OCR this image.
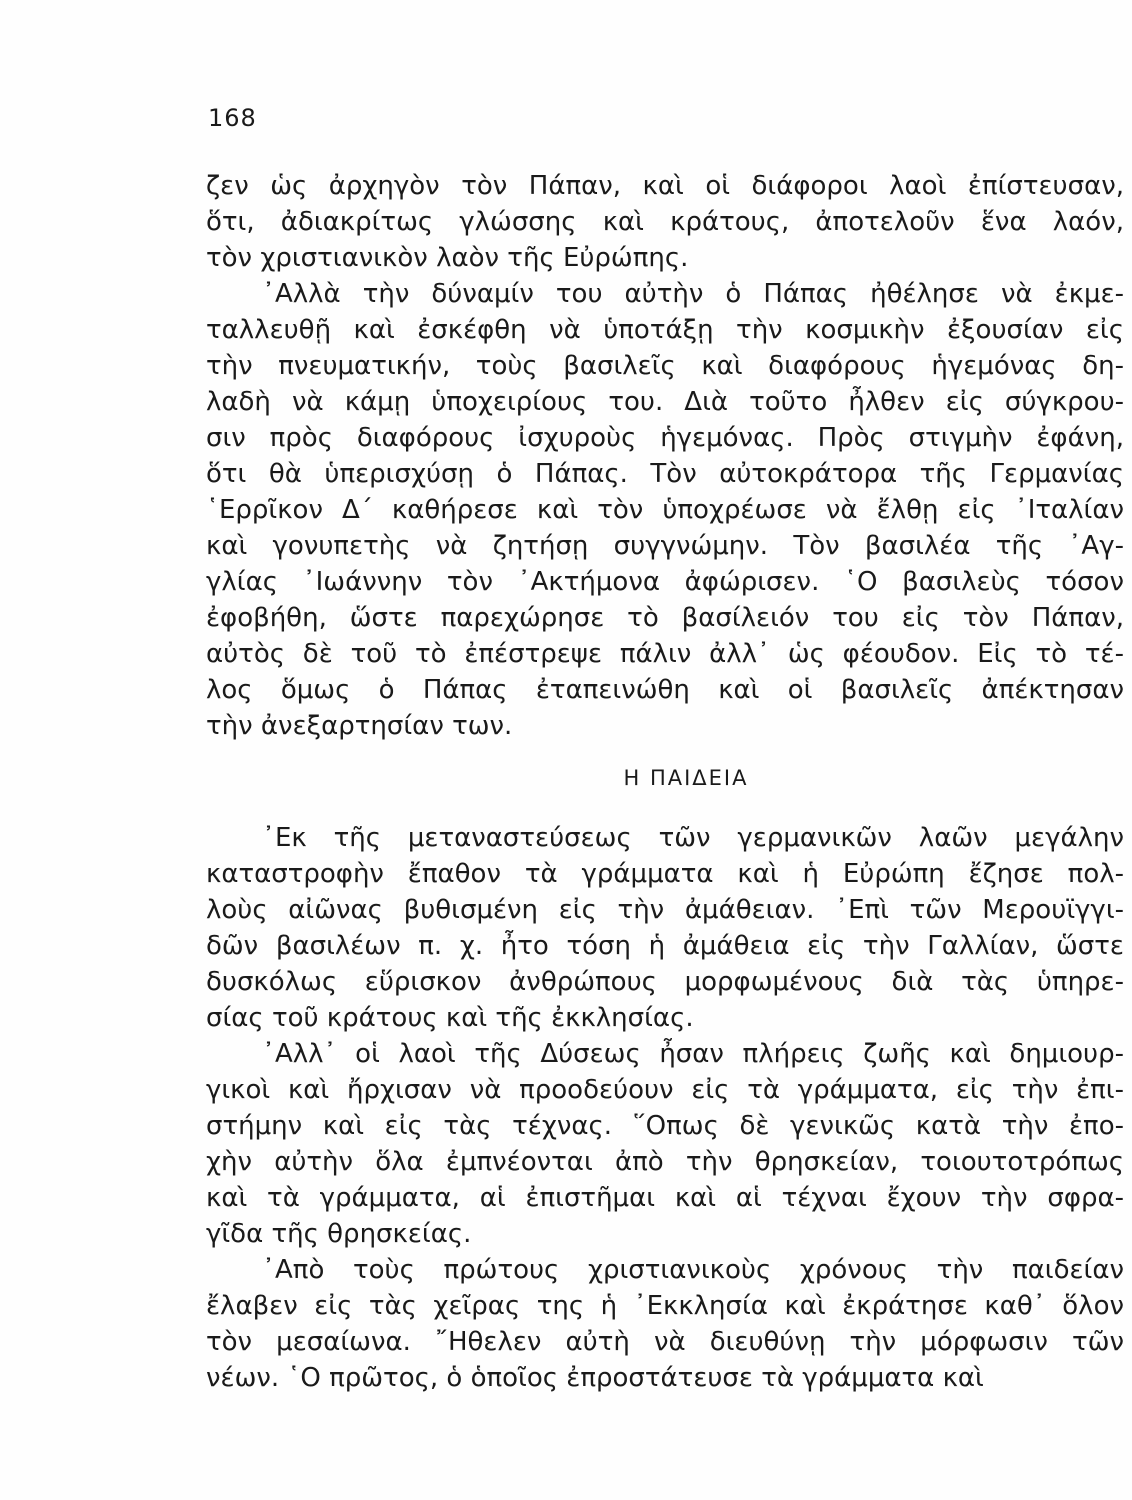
168
ζεν ὡς ἀρχηγὸν τὸν Πάπαν, καὶ οἱ διάφοροι λαοὶ ἐπίστευσαν,
ὅτι, ἀδιακρίτως γλώσσης καὶ κράτους, ἀποτελοῦν ἕνα λαόν,
τὸν χριστιανικὸν λαὸν τῆς Εὐρώπης.
᾿Αλλὰ τὴν δύναμίν του αὐτὴν ὁ Πάπας ἠθέλησε νὰ ἐκμε-
ταλλευθῇ καὶ ἐσκέφθη νὰ ὑποτάξῃ τὴν κοσμικὴν ἐξουσίαν εἰς
τὴν πνευματικήν, τοὺς βασιλεῖς καὶ διαφόρους ἡγεμόνας δη-
λαδὴ νὰ κάμῃ ὑποχειρίους του. Διὰ τοῦτο ἦλθεν εἰς σύγκρου-
σιν πρὸς διαφόρους ἰσχυροὺς ἡγεμόνας. Πρὸς στιγμὴν ἐφάνη,
ὅτι θὰ ὑπερισχύσῃ ὁ Πάπας. Τὸν αὐτοκράτορα τῆς Γερμανίας
῾Ερρῖκον Δ΄ καθήρεσε καὶ τὸν ὑποχρέωσε νὰ ἔλθῃ εἰς ᾿Ιταλίαν
καὶ γονυπετὴς νὰ ζητήσῃ συγγνώμην. Τὸν βασιλέα τῆς ᾿Αγ-
γλίας ᾿Ιωάννην τὸν ᾿Ακτήμονα ἀφώρισεν. ῾Ο βασιλεὺς τόσον
ἐφοβήθη, ὥστε παρεχώρησε τὸ βασίλειόν του εἰς τὸν Πάπαν,
αὐτὸς δὲ τοῦ τὸ ἐπέστρεψε πάλιν ἀλλ᾿ ὡς φέουδον. Εἰς τὸ τέ-
λος ὅμως ὁ Πάπας ἐταπεινώθη καὶ οἱ βασιλεῖς ἀπέκτησαν
τὴν ἀνεξαρτησίαν των.
Η ΠΑΙΔΕΙΑ
᾿Εκ τῆς μεταναστεύσεως τῶν γερμανικῶν λαῶν μεγάλην
καταστροφὴν ἔπαθον τὰ γράμματα καὶ ἡ Εὐρώπη ἔζησε πολ-
λοὺς αἰῶνας βυθισμένη εἰς τὴν ἀμάθειαν. ᾿Επὶ τῶν Μερουϊγγι-
δῶν βασιλέων π. χ. ἦτο τόση ἡ ἀμάθεια εἰς τὴν Γαλλίαν, ὥστε
δυσκόλως εὕρισκον ἀνθρώπους μορφωμένους διὰ τὰς ὑπηρε-
σίας τοῦ κράτους καὶ τῆς ἐκκλησίας.
᾿Αλλ᾿ οἱ λαοὶ τῆς Δύσεως ἦσαν πλήρεις ζωῆς καὶ δημιουρ-
γικοὶ καὶ ἤρχισαν νὰ προοδεύουν εἰς τὰ γράμματα, εἰς τὴν ἐπι-
στήμην καὶ εἰς τὰς τέχνας. ῞Οπως δὲ γενικῶς κατὰ τὴν ἐπο-
χὴν αὐτὴν ὅλα ἐμπνέονται ἀπὸ τὴν θρησκείαν, τοιουτοτρόπως
καὶ τὰ γράμματα, αἱ ἐπιστῆμαι καὶ αἱ τέχναι ἔχουν τὴν σφρα-
γῖδα τῆς θρησκείας.
᾿Απὸ τοὺς πρώτους χριστιανικοὺς χρόνους τὴν παιδείαν
ἔλαβεν εἰς τὰς χεῖρας της ἡ ᾿Εκκλησία καὶ ἐκράτησε καθ᾿ ὅλον
τὸν μεσαίωνα. ῎Ηθελεν αὐτὴ νὰ διευθύνῃ τὴν μόρφωσιν τῶν
νέων. ῾Ο πρῶτος, ὁ ὁποῖος ἐπροστάτευσε τὰ γράμματα καὶ
